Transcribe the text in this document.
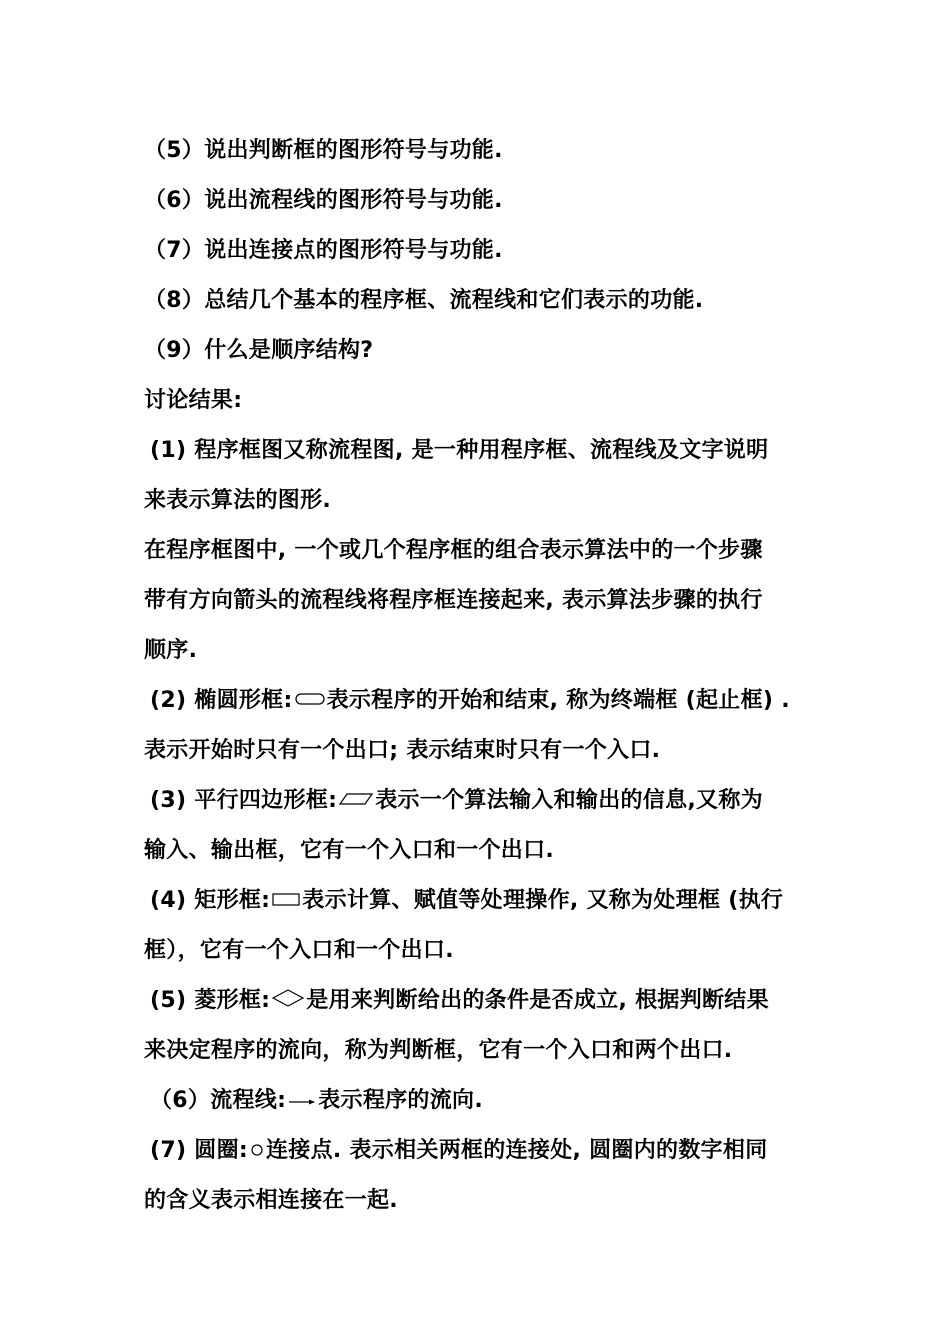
（5）说出判断框的图形符号与功能.
（6）说出流程线的图形符号与功能.
（7）说出连接点的图形符号与功能.
（8）总结几个基本的程序框、流程线和它们表示的功能.
（9）什么是顺序结构?
讨论结果:
(1) 程序框图又称流程图, 是一种用程序框、流程线及文字说明
来表示算法的图形.
在程序框图中, 一个或几个程序框的组合表示算法中的一个步骤
带有方向箭头的流程线将程序框连接起来, 表示算法步骤的执行
顺序.
(2) 椭圆形框: 表示程序的开始和结束, 称为终端框 (起止框) .
表示开始时只有一个出口; 表示结束时只有一个入口.
(3) 平行四边形框: 表示一个算法输入和输出的信息,又称为
输入、输出框，它有一个入口和一个出口.
(4) 矩形框: 表示计算、赋值等处理操作, 又称为处理框 (执行
框），它有一个入口和一个出口.
(5) 菱形框: 是用来判断给出的条件是否成立, 根据判断结果
来决定程序的流向，称为判断框，它有一个入口和两个出口.
（6）流程线: 表示程序的流向.
(7) 圆圈: 连接点. 表示相关两框的连接处, 圆圈内的数字相同
的含义表示相连接在一起.
